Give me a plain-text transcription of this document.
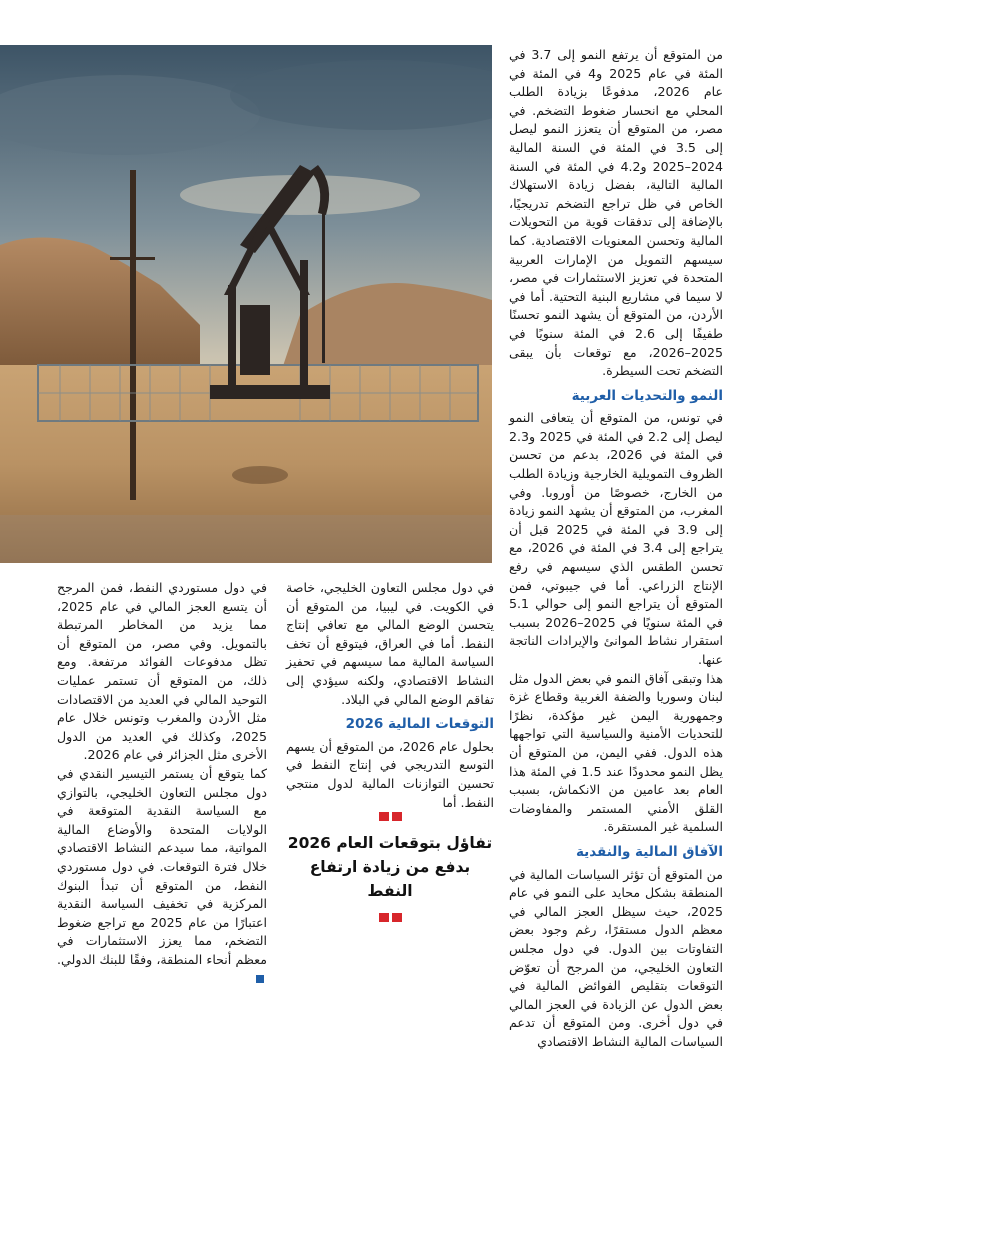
من المتوقع أن يرتفع النمو إلى 3.7 في المئة في عام 2025 و4 في المئة في عام 2026، مدفوعًا بزيادة الطلب المحلي مع انحسار ضغوط التضخم. في مصر، من المتوقع أن يتعزز النمو ليصل إلى 3.5 في المئة في السنة المالية 2024–2025 و4.2 في المئة في السنة المالية التالية، بفضل زيادة الاستهلاك الخاص في ظل تراجع التضخم تدريجيًا، بالإضافة إلى تدفقات قوية من التحويلات المالية وتحسن المعنويات الاقتصادية. كما سيسهم التمويل من الإمارات العربية المتحدة في تعزيز الاستثمارات في مصر، لا سيما في مشاريع البنية التحتية. أما في الأردن، من المتوقع أن يشهد النمو تحسنًا طفيفًا إلى 2.6 في المئة سنويًا في 2025–2026، مع توقعات بأن يبقى التضخم تحت السيطرة.

النمو والتحديات العربية

في تونس، من المتوقع أن يتعافى النمو ليصل إلى 2.2 في المئة في 2025 و2.3 في المئة في 2026، بدعم من تحسن الظروف التمويلية الخارجية وزيادة الطلب من الخارج، خصوصًا من أوروبا. وفي المغرب، من المتوقع أن يشهد النمو زيادة إلى 3.9 في المئة في 2025 قبل أن يتراجع إلى 3.4 في المئة في 2026، مع تحسن الطقس الذي سيسهم في رفع الإنتاج الزراعي. أما في جيبوتي، فمن المتوقع أن يتراجع النمو إلى حوالي 5.1 في المئة سنويًا في 2025–2026 بسبب استقرار نشاط الموانئ والإيرادات الناتجة عنها.

هذا وتبقى آفاق النمو في بعض الدول مثل لبنان وسوريا والضفة الغربية وقطاع غزة وجمهورية اليمن غير مؤكدة، نظرًا للتحديات الأمنية والسياسية التي تواجهها هذه الدول. ففي اليمن، من المتوقع أن يظل النمو محدودًا عند 1.5 في المئة هذا العام بعد عامين من الانكماش، بسبب القلق الأمني المستمر والمفاوضات السلمية غير المستقرة.

الآفاق المالية والنقدية

من المتوقع أن تؤثر السياسات المالية في المنطقة بشكل محايد على النمو في عام 2025، حيث سيظل العجز المالي في معظم الدول مستقرًا، رغم وجود بعض التفاوتات بين الدول. في دول مجلس التعاون الخليجي، من المرجح أن تعوّض التوقعات بتقليص الفوائض المالية في بعض الدول عن الزيادة في العجز المالي في دول أخرى. ومن المتوقع أن تدعم السياسات المالية النشاط الاقتصادي

في دول مجلس التعاون الخليجي، خاصة في الكويت. في ليبيا، من المتوقع أن يتحسن الوضع المالي مع تعافي إنتاج النفط. أما في العراق، فيتوقع أن تخف السياسة المالية مما سيسهم في تحفيز النشاط الاقتصادي، ولكنه سيؤدي إلى تفاقم الوضع المالي في البلاد.

التوقعات المالية 2026

بحلول عام 2026، من المتوقع أن يسهم التوسع التدريجي في إنتاج النفط في تحسين التوازنات المالية لدول منتجي النفط. أما

تفاؤل بتوقعات العام 2026
بدفع من زيادة ارتفاع النفط

في دول مستوردي النفط، فمن المرجح أن يتسع العجز المالي في عام 2025، مما يزيد من المخاطر المرتبطة بالتمويل. وفي مصر، من المتوقع أن تظل مدفوعات الفوائد مرتفعة. ومع ذلك، من المتوقع أن تستمر عمليات التوحيد المالي في العديد من الاقتصادات مثل الأردن والمغرب وتونس خلال عام 2025، وكذلك في العديد من الدول الأخرى مثل الجزائر في عام 2026.

كما يتوقع أن يستمر التيسير النقدي في دول مجلس التعاون الخليجي، بالتوازي مع السياسة النقدية المتوقعة في الولايات المتحدة والأوضاع المالية المواتية، مما سيدعم النشاط الاقتصادي خلال فترة التوقعات. في دول مستوردي النفط، من المتوقع أن تبدأ البنوك المركزية في تخفيف السياسة النقدية اعتبارًا من عام 2025 مع تراجع ضغوط التضخم، مما يعزز الاستثمارات في معظم أنحاء المنطقة، وفقًا للبنك الدولي.
